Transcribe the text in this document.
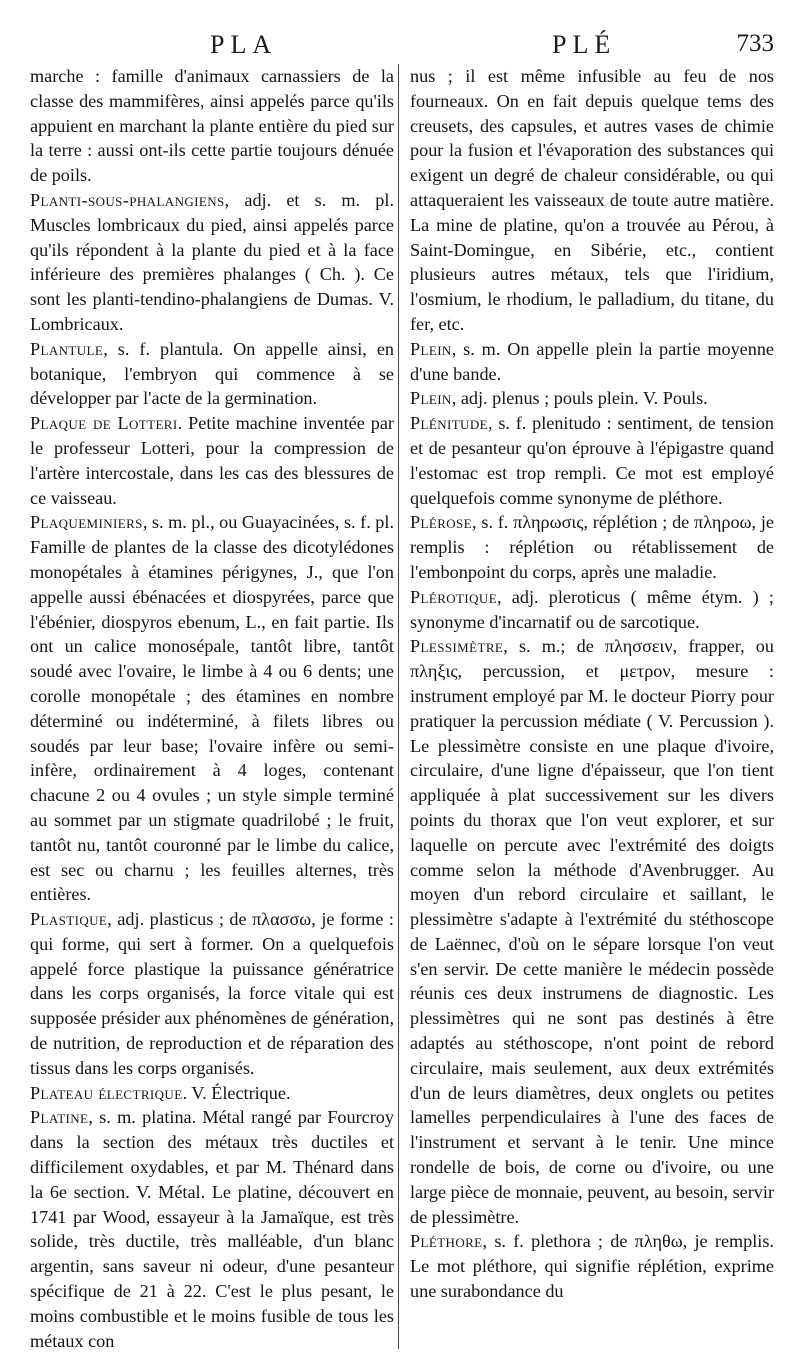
PLA	PLÉ	733

marche : famille d'animaux carnassiers de la classe des mammifères, ainsi appelés parce qu'ils appuient en marchant la plante entière du pied sur la terre : aussi ont-ils cette partie toujours dénuée de poils.

Planti-sous-phalangiens, adj. et s. m. pl. Muscles lombricaux du pied, ainsi appelés parce qu'ils répondent à la plante du pied et à la face inférieure des premières phalanges ( Ch. ). Ce sont les planti-tendino-phalangiens de Dumas. V. Lombricaux.

Plantule, s. f. plantula. On appelle ainsi, en botanique, l'embryon qui commence à se développer par l'acte de la germination.

Plaque de Lotteri. Petite machine inventée par le professeur Lotteri, pour la compression de l'artère intercostale, dans les cas des blessures de ce vaisseau.

Plaqueminiers, s. m. pl., ou Guayacinées, s. f. pl. Famille de plantes de la classe des dicotylédones monopétales à étamines périgynes, J., que l'on appelle aussi ébénacées et diospyrées, parce que l'ébénier, diospyros ebenum, L., en fait partie. Ils ont un calice monosépale, tantôt libre, tantôt soudé avec l'ovaire, le limbe à 4 ou 6 dents; une corolle monopétale ; des étamines en nombre déterminé ou indéterminé, à filets libres ou soudés par leur base; l'ovaire infère ou semi-infère, ordinairement à 4 loges, contenant chacune 2 ou 4 ovules ; un style simple terminé au sommet par un stigmate quadrilobé ; le fruit, tantôt nu, tantôt couronné par le limbe du calice, est sec ou charnu ; les feuilles alternes, très entières.

Plastique, adj. plasticus ; de πλασσω, je forme : qui forme, qui sert à former. On a quelquefois appelé force plastique la puissance génératrice dans les corps organisés, la force vitale qui est supposée présider aux phénomènes de génération, de nutrition, de reproduction et de réparation des tissus dans les corps organisés.

Plateau électrique. V. Électrique.

Platine, s. m. platina. Métal rangé par Fourcroy dans la section des métaux très ductiles et difficilement oxydables, et par M. Thénard dans la 6e section. V. Métal. Le platine, découvert en 1741 par Wood, essayeur à la Jamaïque, est très solide, très ductile, très malléable, d'un blanc argentin, sans saveur ni odeur, d'une pesanteur spécifique de 21 à 22. C'est le plus pesant, le moins combustible et le moins fusible de tous les métaux con

nus ; il est même infusible au feu de nos fourneaux. On en fait depuis quelque tems des creusets, des capsules, et autres vases de chimie pour la fusion et l'évaporation des substances qui exigent un degré de chaleur considérable, ou qui attaqueraient les vaisseaux de toute autre matière. La mine de platine, qu'on a trouvée au Pérou, à Saint-Domingue, en Sibérie, etc., contient plusieurs autres métaux, tels que l'iridium, l'osmium, le rhodium, le palladium, du titane, du fer, etc.

Plein, s. m. On appelle plein la partie moyenne d'une bande.

Plein, adj. plenus ; pouls plein. V. Pouls.

Plénitude, s. f. plenitudo : sentiment, de tension et de pesanteur qu'on éprouve à l'épigastre quand l'estomac est trop rempli. Ce mot est employé quelquefois comme synonyme de pléthore.

Plérose, s. f. πληρωσις, réplétion ; de πληροω, je remplis : réplétion ou rétablissement de l'embonpoint du corps, après une maladie.

Plérotique, adj. pleroticus ( même étym. ) ; synonyme d'incarnatif ou de sarcotique.

Plessimètre, s. m.; de πλησσειν, frapper, ou πληξις, percussion, et μετρον, mesure : instrument employé par M. le docteur Piorry pour pratiquer la percussion médiate ( V. Percussion ). Le plessimètre consiste en une plaque d'ivoire, circulaire, d'une ligne d'épaisseur, que l'on tient appliquée à plat successivement sur les divers points du thorax que l'on veut explorer, et sur laquelle on percute avec l'extrémité des doigts comme selon la méthode d'Avenbrugger. Au moyen d'un rebord circulaire et saillant, le plessimètre s'adapte à l'extrémité du stéthoscope de Laënnec, d'où on le sépare lorsque l'on veut s'en servir. De cette manière le médecin possède réunis ces deux instrumens de diagnostic. Les plessimètres qui ne sont pas destinés à être adaptés au stéthoscope, n'ont point de rebord circulaire, mais seulement, aux deux extrémités d'un de leurs diamètres, deux onglets ou petites lamelles perpendiculaires à l'une des faces de l'instrument et servant à le tenir. Une mince rondelle de bois, de corne ou d'ivoire, ou une large pièce de monnaie, peuvent, au besoin, servir de plessimètre.

Pléthore, s. f. plethora ; de πληθω, je remplis. Le mot pléthore, qui signifie réplétion, exprime une surabondance du
